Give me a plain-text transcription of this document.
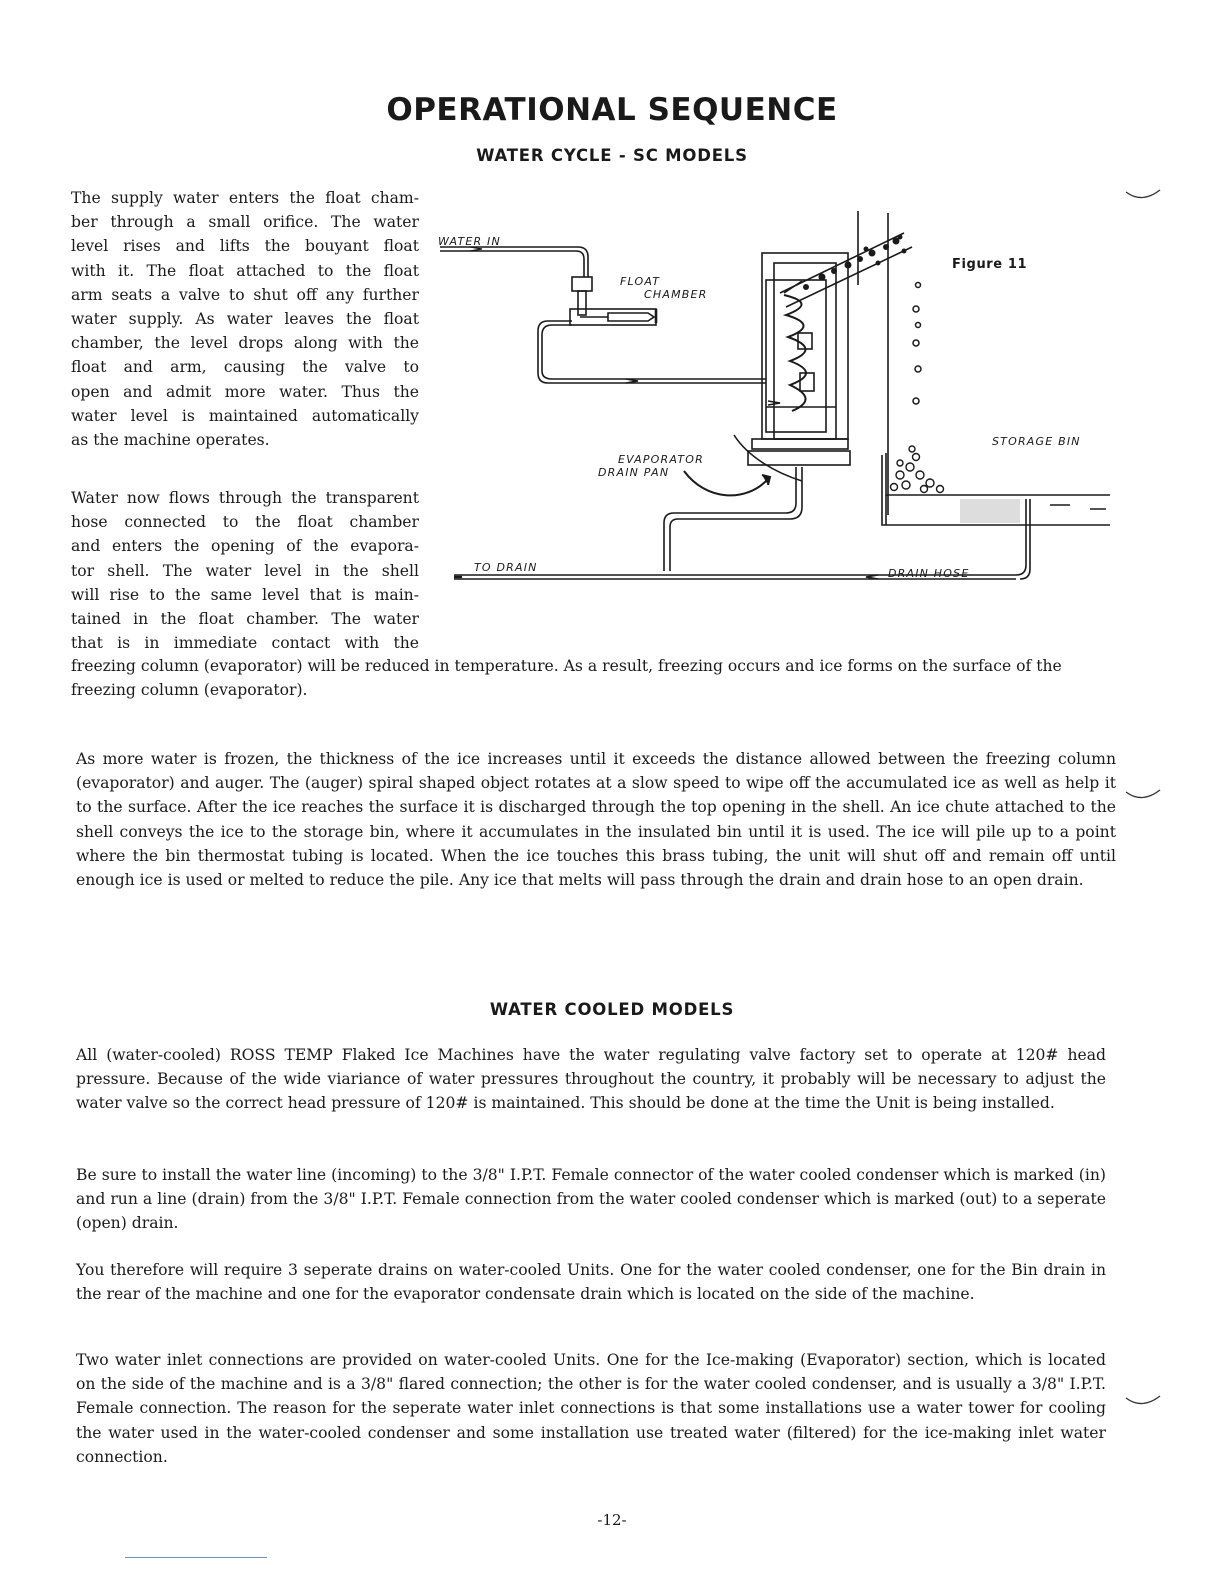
OPERATIONAL SEQUENCE
WATER CYCLE - SC MODELS
The supply water enters the float cham-
ber through a small orifice. The water
level rises and lifts the bouyant float
with it. The float attached to the float
arm seats a valve to shut off any further
water supply. As water leaves the float
chamber, the level drops along with the
float and arm, causing the valve to
open and admit more water. Thus the
water level is maintained automatically
as the machine operates.
Water now flows through the transparent
hose connected to the float chamber
and enters the opening of the evapora-
tor shell. The water level in the shell
will rise to the same level that is main-
tained in the float chamber. The water
that is in immediate contact with the

freezing column (evaporator) will be reduced in temperature. As a result, freezing occurs and ice forms on the surface of the freezing column (evaporator).

WATER IN
FLOAT
CHAMBER
EVAPORATOR
DRAIN PAN
STORAGE BIN
TO DRAIN	DRAIN HOSE
Figure 11

As more water is frozen, the thickness of the ice increases until it exceeds the distance allowed between the freezing column (evaporator) and auger. The (auger) spiral shaped object rotates at a slow speed to wipe off the accumulated ice as well as help it to the surface. After the ice reaches the surface it is discharged through the top opening in the shell. An ice chute attached to the shell conveys the ice to the storage bin, where it accumulates in the insulated bin until it is used. The ice will pile up to a point where the bin thermostat tubing is located. When the ice touches this brass tubing, the unit will shut off and remain off until enough ice is used or melted to reduce the pile. Any ice that melts will pass through the drain and drain hose to an open drain.

WATER COOLED MODELS

All (water-cooled) ROSS TEMP Flaked Ice Machines have the water regulating valve factory set to operate at 120# head pressure. Because of the wide viariance of water pressures throughout the country, it probably will be necessary to adjust the water valve so the correct head pressure of 120# is maintained. This should be done at the time the Unit is being installed.

Be sure to install the water line (incoming) to the 3/8" I.P.T. Female connector of the water cooled condenser which is marked (in) and run a line (drain) from the 3/8" I.P.T. Female connection from the water cooled condenser which is marked (out) to a seperate (open) drain.

You therefore will require 3 seperate drains on water-cooled Units. One for the water cooled condenser, one for the Bin drain in the rear of the machine and one for the evaporator condensate drain which is located on the side of the machine.

Two water inlet connections are provided on water-cooled Units. One for the Ice-making (Evaporator) section, which is located on the side of the machine and is a 3/8" flared connection; the other is for the water cooled condenser, and is usually a 3/8" I.P.T. Female connection. The reason for the seperate water inlet connections is that some installations use a water tower for cooling the water used in the water-cooled condenser and some installation use treated water (filtered) for the ice-making inlet water connection.

-12-
